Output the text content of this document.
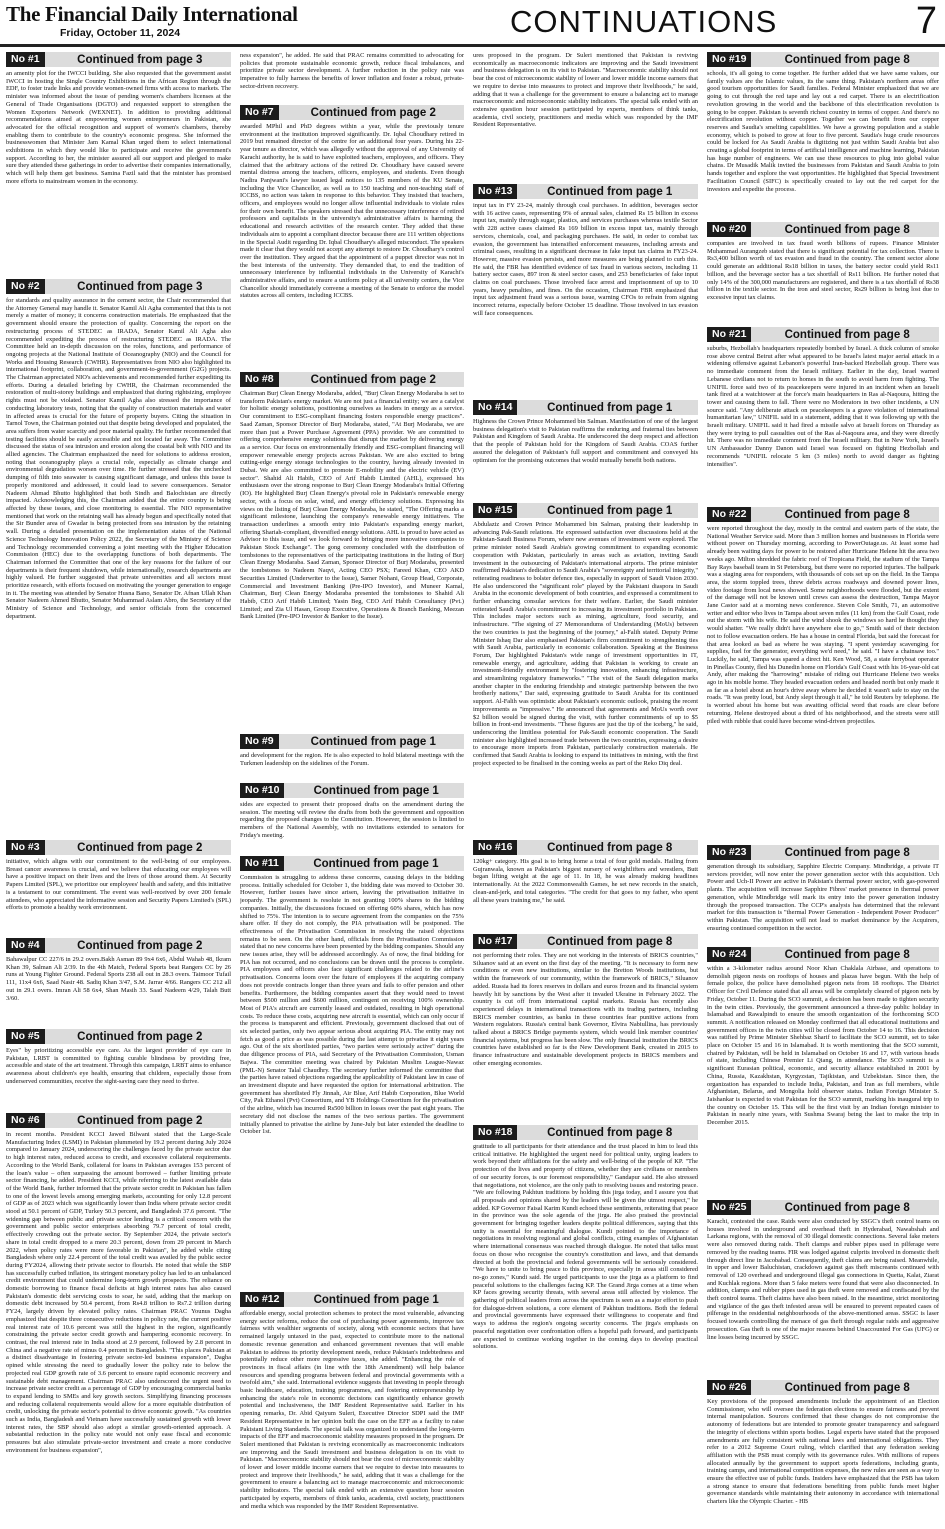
The Financial Daily International
Friday, October 11, 2024	CONTINUATIONS	7
No #1	Continued from page 3
an amenity plot for the IWCCI building. She also requested that the government assist IWCCI in hosting the Single Country Exhibitions in the African Region through the EDF, to foster trade links and provide women-owned firms with access to markets. The minister was informed about the issue of pending women's chambers licenses at the General of Trade Organisations (DGTO) and requested support to strengthen the Women Exporters Network (WEXNET). In addition to providing additional recommendations aimed at empowering women entrepreneurs in Pakistan, she advocated for the official recognition and support of women's chambers, thereby enabling them to contribute to the country's economic progress. She informed the businesswomen that Minister Jam Kamal Khan urged them to select international exhibitions in which they would like to participate and receive the government's support. According to her, the minister assured all our support and pledged to make sure they attended these gatherings in order to advertise their companies internationally, which will help them get business. Samina Fazil said that the minister has promised more efforts to mainstream women in the economy.
No #2	Continued from page 3
for standards and quality assurance in the cement sector, the Chair recommended that the Attorney General may handle it. Senator Kamil Ali Agha commented that this is not merely a matter of money; it concerns construction materials. He emphasized that the government should ensure the protection of quality. Concerning the report on the restructuring process of STEDEC as IRADA, Senator Kamil Ali Agha also recommended expediting the process of restructuring STEDEC as IRADA. The Committee held an in-depth discussion on the roles, functions, and performance of ongoing projects at the National Institute of Oceanography (NIO) and the Council for Works and Housing Research (CWHR). Representatives from NIO also highlighted its international footprint, collaboration, and government-to-government (G2G) projects. The Chairman appreciated NIO's achievements and recommended further expediting its efforts. During a detailed briefing by CWHR, the Chairman recommended the restoration of multi-storey buildings and emphasized that during rightsizing, employee rights must not be violated. Senator Kamil Agha also stressed the importance of conducting laboratory tests, noting that the quality of construction materials and water in affected areas is crucial for the future of property buyers. Citing the situation in Tarnol Town, the Chairman pointed out that despite being developed and populated, the area suffers from water scarcity and poor material quality. He further recommended that testing facilities should be easily accessible and not located far away. The Committee discussed the status of sea intrusion and erosion along the coastal belt with NIO and its allied agencies. The Chairman emphasized the need for solutions to address erosion, noting that oceanography plays a crucial role, especially as climate change and environmental degradation worsen over time. He further stressed that the unchecked dumping of filth into seawater is causing significant damage, and unless this issue is properly monitored and addressed, it could lead to severe consequences. Senator Nadeem Ahmad Bhutto highlighted that both Sindh and Balochistan are directly impacted. Acknowledging this, the Chairman added that the entire country is being affected by these issues, and close monitoring is essential. The NIO representative mentioned that work on the retaining wall has already begun and specifically noted that the Sir Bunder area of Gwadar is being protected from sea intrusion by the retaining wall. During a detailed presentation on the implementation status of the National Science Technology Innovation Policy 2022, the Secretary of the Ministry of Science and Technology recommended convening a joint meeting with the Higher Education Commission (HEC) due to the overlapping functions of both departments. The Chairman informed the Committee that one of the key reasons for the failure of our departments is their frequent shutdown, while internationally, research departments are highly valued. He further suggested that private universities and all sectors must prioritize research, with efforts focused on motivating the younger generation to engage in it. The meeting was attended by Senator Husna Bano, Senator Dr. Afnan Ullah Khan Senator Nadeem Ahmed Bhutto, Senator Muhammad Aslam Abro, the Secretary of the Ministry of Science and Technology, and senior officials from the concerned department.
No #3	Continued from page 2
initiative, which aligns with our commitment to the well-being of our employees. Breast cancer awareness is crucial, and we believe that educating our employees will have a positive impact on their lives and the lives of those around them. At Security Papers Limited (SPL), we prioritize our employees' health and safety, and this initiative is a testament to our commitment. The event was well-received by over 200 female attendees, who appreciated the informative session and Security Papers Limited's (SPL) efforts to promote a healthy work environment.
No #4	Continued from page 2
Bahawalpur CC 227/6 in 29.2 overs.Bakh Asman 89 9x4 6x6, Abdul Wahab 48, Ikram Khan 39, Salman Ali 2/39. In the 4th Match, Federal Sports beat Rangers CC by 26 runs at Young Fighter Ground. Federal Sports 238 all out in 28.3 overs. Taimoor Tufail 111, 11x4 6x6, Saad Nasir 48. Sadiq Khan 3/47, S.M. Jarrar 4/66. Rangers CC 212 all out in 29.1 overs. Imran Ali 58 6x4, Shan Masih 33. Saad Nadeem 4/29, Talah Butt 3/60.
No #5	Continued from page 2
Eyes" by prioritizing accessible eye care. As the largest provider of eye care in Pakistan, LRBT is committed to fighting curable blindness by providing free, accessible and state of the art treatment. Through this campaign, LRBT aims to enhance awareness about children's eye health, ensuring that children, especially those from underserved communities, receive the sight-saving care they need to thrive.
No #6	Continued from page 2
in recent months. President KCCI Jawed Bilwani stated that the Large-Scale Manufacturing Index (LSMI) in Pakistan plummeted by 19.2 percent during July 2024 compared to January 2024, underscoring the challenges faced by the private sector due to high interest rates, reduced access to credit, and excessive collateral requirements. According to the World Bank, collateral for loans in Pakistan averages 153 percent of the loan's value – often surpassing the amount borrowed – further limiting private sector financing, he added. President KCCI, while referring to the latest available data of the World Bank, further informed that the private sector credit in Pakistan has fallen to one of the lowest levels among emerging markets, accounting for only 12.8 percent of GDP as of 2023 which was significantly lower than India where private sector credit stood at 50.1 percent of GDP, Turkey 50.3 percent, and Bangladesh 37.6 percent. "The widening gap between public and private sector lending is a critical concern with the government and public sector enterprises absorbing 79.7 percent of total credit, effectively crowding out the private sector. By September 2024, the private sector's share in total credit dropped to a mere 20.3 percent, down from 29 percent in March 2022, when policy rates were more favorable in Pakistan", he added while citing Bangladesh where only 22.4 percent of the total credit was availed by the public sector during FY2024, allowing their private sector to flourish. He noted that while the SBP has successfully curbed inflation, its stringent monetary policy has led to an unbalanced credit environment that could undermine long-term growth prospects. The reliance on domestic borrowing to finance fiscal deficits at high interest rates has also caused Pakistan's domestic debt servicing costs to soar, he said, adding that the markup on domestic debt increased by 50.4 percent, from Rs4.8 trillion to Rs7.2 trillion during FY24, largely driven by elevated policy rates. Chairman PRAC Younus Dagha emphasized that despite three consecutive reductions in policy rate, the current positive real interest rate of 10.6 percent was still the highest in the region, significantly constraining the private sector credit growth and hampering economic recovery. In contrast, the real interest rate in India stood at 2.9 percent, followed by 2.8 percent in China and a negative rate of minus 0.4 percent in Bangladesh. "This places Pakistan at a distinct disadvantage in fostering private sector-led business expansion", Dagha opined while stressing the need to gradually lower the policy rate to below the projected real GDP growth rate of 3.6 percent to ensure rapid economic recovery and sustainable debt management. Chairman PRAC also underscored the urgent need to increase private sector credit as a percentage of GDP by encouraging commercial banks to expand lending to SMEs and key growth sectors. Simplifying financing processes and reducing collateral requirements would allow for a more equitable distribution of credit, unlocking the private sector's potential to drive economic growth. "As countries such as India, Bangladesh and Vietnam have successfully sustained growth with lower interest rates, the SBP should also adopt a similar growth-oriented approach. A substantial reduction in the policy rate would not only ease fiscal and economic pressures but also stimulate private-sector investment and create a more conducive environment for business expansion",
ness expansion", he added. He said that PRAC remains committed to advocating for policies that promote sustainable economic growth, reduce fiscal imbalances, and prioritize private sector development. A further reduction in the policy rate was imperative to fully harness the benefits of lower inflation and foster a robust, private-sector-driven recovery.
No #7	Continued from page 2
awarded MPhil and PhD degrees within a year, while the previously tenure environment at the institution improved significantly. Dr. Iqbal Choudhary retired in 2019 but remained director of the centre for an additional four years. During his 22-year tenure as director, which was allegedly without the approval of any University of Karachi authority, he is said to have exploited teachers, employees, and officers. They claimed that the arbitrary actions of the retired Dr. Choudhary have caused severe mental distress among the teachers, officers, employees, and students. Even though Nadira Panjwani's lawyer issued legal notices to 135 members of the KU Senate, including the Vice Chancellor, as well as to 150 teaching and non-teaching staff of ICCBS, no action was taken in response to this behavior. They insisted that teachers, officers, and employees would no longer allow influential individuals to violate rules for their own benefit. The speakers stressed that the unnecessary interference of retired professors and capitalists in the university's administrative affairs is harming the educational and research activities of the research center. They added that these individuals aim to appoint a compliant director because there are 111 written objections in the Special Audit regarding Dr. Iqbal Choudhary's alleged misconduct. The speakers made it clear that they would not accept any attempt to restore Dr. Choudhary's control over the institution. They argued that the appointment of a puppet director was not in the best interests of the university. They demanded that, to end the tradition of unnecessary interference by influential individuals in the University of Karachi's administrative affairs, and to ensure a uniform policy at all university centers, the Vice Chancellor should immediately convene a meeting of the Senate to enforce the model statutes across all centers, including ICCBS.
No #8	Continued from page 2
Chairman Burj Clean Energy Modaraba, added, "Burj Clean Energy Modaraba is set to transform Pakistan's energy market. We are not just a financial entity; we are a catalyst for holistic energy solutions, positioning ourselves as leaders in energy as a service. Our commitment to ESG-compliant financing fosters responsible energy practices". Saad Zaman, Sponsor Director of Burj Modaraba, stated, "At Burj Modaraba, we are more than just a Power Purchase Agreement (PPA) provider. We are committed to offering comprehensive energy solutions that disrupt the market by delivering energy as a service. Our focus on environmentally friendly and ESG-compliant financing will empower renewable energy projects across Pakistan. We are also excited to bring cutting-edge energy storage technologies to the country, having already invested in Dubai. We are also committed to promote E-mobility and the electric vehicle (EV) sector". Shahid Ali Habib, CEO of Arif Habib Limited (AHL), expressed his enthusiasm over the strong response to Burj Clean Energy Modaraba's Initial Offering (IO). He highlighted Burj Clean Energy's pivotal role in Pakistan's renewable energy sector, with a focus on solar, wind, and energy efficiency solutions. Expressing his views on the listing of Burj Clean Energy Modaraba, he stated, "The Offering marks a significant milestone, launching the company's renewable energy initiatives. The transaction underlines a smooth entry into Pakistan's expanding energy market, offering Shariah-compliant, diversified energy solutions. AHL is proud to have acted as Advisor to this issue, and we look forward to bringing more innovative companies to Pakistan Stock Exchange". The gong ceremony concluded with the distribution of tombstones to the representatives of the participating institutions in the listing of Burj Clean Energy Modaraba. Saad Zaman, Sponsor Director of Burj Modaraba, presented the tombstones to Nadeem Naqvi, Acting CEO PSX; Fareed Khan, CEO AKD Securities Limited (Underwriter to the Issue), Samer Nohani, Group Head, Corporate, Commercial and Investment Banking (Pre-IPO Investor), and Muneer Kamal, Chairman, Burj Clean Energy Modaraba presented the tombstones to Shahid Ali Habib, CEO Arif Habib Limited; Yasin Beg, CEO Arif Habib Consultancy (Pvt.) Limited; and Zia Ul Hasan, Group Executive, Operations & Branch Banking, Meezan Bank Limited (Pre-IPO Investor & Banker to the Issue).
No #9	Continued from page 1
and development for the region. He is also expected to hold bilateral meetings with the Turkmen leadership on the sidelines of the Forum.
No #10	Continued from page 1
sides are expected to present their proposed drafts on the amendment during the session. The meeting will review the drafts from both the government and opposition regarding the proposed changes to the Constitution. However, the session is limited to members of the National Assembly, with no invitations extended to senators for Friday's meeting.
No #11	Continued from page 1
Commission is struggling to address these concerns, causing delays in the bidding process. Initially scheduled for October 1, the bidding date was moved to October 30. However, further issues have since arisen, leaving the privatisation initiative in jeopardy. The government is resolute in not granting 100% shares to the bidding companies. Initially, the discussions focused on offering 60% shares, which has now shifted to 75%. The intention is to secure agreement from the companies on the 75% share offer. If they do not comply, the PIA privatisation will be postponed. The effectiveness of the Privatisation Commission in resolving the raised objections remains to be seen. On the other hand, officials from the Privatisation Commission stated that no new concerns have been presented by the bidding companies. Should any new issues arise, they will be addressed accordingly. As of now, the final bidding for PIA has not occurred, and no conclusions can be drawn until the process is complete. PIA employees and officers also face significant challenges related to the airline's privatisation. Concerns loom over the future of employees if the acquiring company does not provide contracts longer than three years and fails to offer pension and other benefits. Furthermore, the bidding companies assert that they would need to invest between $500 million and $600 million, contingent on receiving 100% ownership. Most of PIA's aircraft are currently leased and outdated, resulting in high operational costs. To reduce these costs, acquiring new aircraft is essential, which can only occur if the process is transparent and efficient. Previously, government disclosed that out of six selected parties, only two appear serious about acquiring PIA. The entity may not fetch as good a price as was possible during the last attempt to privatise it eight years ago. Out of the six shortlisted parties, "two parties were seriously active" during the due diligence process of PIA, said Secretary of the Privatisation Commission, Usman Bajwa. The committee meeting was chaired by Pakistan Muslim League-Nawaz (PML-N) Senator Talal Chaudhry. The secretary further informed the committee that the parties have raised objections regarding the applicability of Pakistani law in case of an investment dispute and have requested the option for international arbitration. The government has shortlisted Fly Jinnah, Air Blue, Arif Habib Corporation, Blue World City, Pak Ethanol (Pvt) Consortium, and YB Holdings Consortium for the privatisation of the airline, which has incurred Rs500 billion in losses over the past eight years. The secretary did not disclose the names of the two serious parties. The government initially planned to privatise the airline by June-July but later extended the deadline to October 1st.
No #12	Continued from page 1
affordable energy, social protection schemes to protect the most vulnerable, advancing energy sector reforms, reduce the cost of purchasing power agreements, improve tax fairness with wealthier segments of society, along with economic sectors that have remained largely untaxed in the past, expected to contribute more to the national domestic revenue generation and enhanced government revenues that will enable Pakistan to address its priority development needs, reduce Pakistan's indebtedness and potentially reduce other more regressive taxes, she added. "Enhancing the role of provinces in fiscal affairs (in line with the 18th Amendment) will help balance resources and spending programs between federal and provincial governments with a twofold aim," she said. International evidence suggests that investing in people through basic healthcare, education, training programmes, and fostering entrepreneurship by enhancing the state's role in economic decisions can significantly enhance growth potential and inclusiveness, the IMF Resident Representative said. Earlier in his opening remarks, Dr. Abid Qaiyum Suleri, Executive Director SDPI said the IMF Resident Representative in her opinion built the case on the EFF as a facility to raise Pakistani Living Standards. The special talk was organized to understand the long-term impacts of the EFF and macroeconomic stability measures proposed in the program. Dr Suleri mentioned that Pakistan is reviving economically as macroeconomic indicators are improving and the Saudi investment and business delegation is on its visit to Pakistan. "Macroeconomic stability should not bear the cost of microeconomic stability of lower and lower middle income earners that we require to devise into measures to protect and improve their livelihoods," he said, adding that it was a challenge for the government to ensure a balancing act to manage macroeconomic and microeconomic stability indicators. The special talk ended with an extensive question hour session participated by experts, members of think tanks, academia, civil society, practitioners and media which was responded by the IMF Resident Representative.
ures proposed in the program. Dr Suleri mentioned that Pakistan is reviving economically as macroeconomic indicators are improving and the Saudi investment and business delegation is on its visit to Pakistan. "Macroeconomic stability should not bear the cost of microeconomic stability of lower and lower middle income earners that we require to devise into measures to protect and improve their livelihoods," he said, adding that it was a challenge for the government to ensure a balancing act to manage macroeconomic and microeconomic stability indicators. The special talk ended with an extensive question hour session participated by experts, members of think tanks, academia, civil society, practitioners and media which was responded by the IMF Resident Representative.
No #13	Continued from page 1
input tax in FY 23-24, mainly through coal purchases. In addition, beverages sector with 16 active cases, representing 9% of annual sales, claimed Rs 15 billion in excess input tax, mainly through sugar, plastics, and services purchases whereas textile Sector with 228 active cases claimed Rs 169 billion in excess input tax, mainly through services, chemicals, coal, and packaging purchases. He said, in order to combat tax evasion, the government has intensified enforcement measures, including arrests and criminal cases, resulting in a significant decrease in fake input tax claims in FY23-24. However, massive evasion persists, and more measures are being planned to curb this. He said, the FBR has identified evidence of tax fraud in various sectors, including 11 battery sector cases, 897 iron & steel sector cases, and 253 beneficiaries of fake input claims on coal purchases. Those involved face arrest and imprisonment of up to 10 years, heavy penalties, and fines. On the occasion, Chairman FBR emphasized that input tax adjustment fraud was a serious issue, warning CFOs to refrain from signing incorrect returns, especially before October 15 deadline. Those involved in tax evasion will face consequences.
No #14	Continued from page 1
Highness the Crown Prince Mohammed bin Salman. Manifestation of one of the largest business delegation's visit to Pakistan reaffirms the enduring and fraternal ties between Pakistan and Kingdom of Saudi Arabia. He underscored the deep respect and affection that the people of Pakistan hold for the Kingdom of Saudi Arabia. COAS further assured the delegation of Pakistan's full support and commitment and conveyed his optimism for the promising outcomes that would mutually benefit both nations.
No #15	Continued from page 1
Abdulaziz and Crown Prince Mohammed bin Salman, praising their leadership in advancing Pak-Saudi relations. He expressed satisfaction over discussions held at the Pakistan-Saudi Business Forum, where new avenues of investment were explored. The prime minister noted Saudi Arabia's growing commitment to expanding economic cooperation with Pakistan, particularly in areas such as aviation, inviting Saudi investment in the outsourcing of Pakistan's international airports. The prime minister reaffirmed Pakistan's dedication to Saudi Arabia's "sovereignty and territorial integrity," reiterating readiness to bolster defence ties, especially in support of Saudi Vision 2030. He also underscored the "significant role" played by the Pakistani diaspora in Saudi Arabia in the economic development of both countries, and expressed a commitment to further enhancing consular services for their welfare. Earlier, the Saudi minister reiterated Saudi Arabia's commitment to increasing its investment portfolio in Pakistan. This includes major sectors such as mining, agriculture, food security, and infrastructure. "The signing of 27 Memorandums of Understanding (MoUs) between the two countries is just the beginning of the journey," al-Falih stated. Deputy Prime Minister Ishaq Dar also emphasised Pakistan's firm commitment to strengthening ties with Saudi Arabia, particularly in economic collaboration. Speaking at the Business Forum, Dar highlighted Pakistan's wide range of investment opportunities in IT, renewable energy, and agriculture, adding that Pakistan is working to create an investment-friendly environment by "fostering innovation, enhancing infrastructure, and streamlining regulatory frameworks." "The visit of the Saudi delegation marks another chapter in the enduring friendship and strategic partnership between the two brotherly nations," Dar said, expressing gratitude to Saudi Arabia for its continued support. Al-Falih was optimistic about Pakistan's economic outlook, praising the recent improvements as "impressive." He announced that agreements and MoUs worth over $2 billion would be signed during the visit, with further commitments of up to $5 billion in front-end investments. "These figures are just the tip of the iceberg," he said, underscoring the limitless potential for Pak-Saudi economic cooperation. The Saudi minister also highlighted increased trade between the two countries, expressing a desire to encourage more imports from Pakistan, particularly construction materials. He confirmed that Saudi Arabia is looking to expand its initiatives in mining, with the first project expected to be finalised in the coming weeks as part of the Reko Diq deal.
No #16	Continued from page 8
120kg+ category. His goal is to bring home a total of four gold medals. Hailing from Gujranwala, known as Pakistan's biggest nursery of weightlifters and wrestlers, Butt began lifting weight at the age of 11. In 18, he was already making headlines internationally. At the 2022 Commonwealth Games, he set new records in the snatch, clean-and-jerk, and total categories. "The credit for that goes to my father, who spent all these years training me," he said.
No #17	Continued from page 8
not performing their roles. They are not working in the interests of BRICS countries," Siluanov said at an event on the first day of the meeting. "It is necessary to form new conditions or even new institutions, similar to the Bretton Woods institutions, but within the framework of our community, within the framework of BRICS," Siluanov added. Russia had its forex reserves in dollars and euros frozen and its financial system heavily hit by sanctions by the West after it invaded Ukraine in February 2022. The country is cut off from international capital markets. Russia has recently also experienced delays in international transactions with its trading partners, including BRICS member countries, as banks in these countries fear punitive actions from Western regulators. Russia's central bank Governor, Elvira Nabiullina, has previously talked about a BRICS Bridge payments system, which would link member countries' financial systems, but progress has been slow. The only financial institution the BRICS countries have established so far is the New Development Bank, created in 2015 to finance infrastructure and sustainable development projects in BRICS members and other emerging economies.
No #18	Continued from page 8
gratitude to all participants for their attendance and the trust placed in him to lead this critical initiative. He highlighted the urgent need for political unity, urging leaders to work beyond their affiliations for the safety and well-being of the people of KP. "The protection of the lives and property of citizens, whether they are civilians or members of our security forces, is our foremost responsibility," Gandapur said. He also stressed that negotiations, not violence, are the only path to resolving issues and restoring peace. "We are following Pakhtun traditions by holding this jirga today, and I assure you that all proposals and opinions shared by the leaders will be given the utmost respect," he added. KP Governor Faisal Karim Kundi echoed these sentiments, reiterating that peace in the province was the sole agenda of the jirga. He also praised the provincial government for bringing together leaders despite political differences, saying that this unity is essential for meaningful dialogue. Kundi pointed to the importance of negotiations in resolving regional and global conflicts, citing examples of Afghanistan where international consensus was reached through dialogue. He noted that talks must focus on those who recognise the country's constitution and laws, and that demands directed at both the provincial and federal governments will be seriously considered. "We have to unite to bring peace to this province, especially in areas still considered no-go zones," Kundi said. He urged participants to use the jirga as a platform to find peaceful solutions to the challenges facing KP. The Grand Jirga comes at a time when KP faces growing security threats, with several areas still affected by violence. The gathering of political leaders from across the spectrum is seen as a major effort to push for dialogue-driven solutions, a core element of Pakhtun traditions. Both the federal and provincial governments have expressed their willingness to cooperate and find ways to address the region's ongoing security concerns. The jirga's emphasis on peaceful negotiation over confrontation offers a hopeful path forward, and participants are expected to continue working together in the coming days to develop practical solutions.
No #19	Continued from page 8
schools, it's all going to come together. He further added that we have same values, our family values are the Islamic values, its the same thing. Pakistan's northern areas offer good tourism opportunities for Saudi families. Federal Minister emphasized that we are going to cut through the red tape and lay out a red carpet. There is an electrification revolution growing in the world and the backbone of this electrification revolution is going to be copper. Pakistan is seventh richest country in terms of copper. And there's no electrification revolution without copper. Together we can benefit from our copper reserves and Saudia's smelting capabilities. We have a growing population and a stable economy, which is poised to grow at four to five percent. Saudia's huge crude resources could be locked for As Saudi Arabia is digitizing not just within Saudi Arabia but also creating a global footprint in terms of artificial intelligence and machine learning, Pakistan has huge number of engineers. We can use these resources to plug into global value chains. Dr Musadik Malik invited the businesses from Pakistan and Saudi Arabia to join hands together and explore the vast opportunities. He highlighted that Special Investment Facilitation Council (SIFC) is specifically created to lay out the red carpet for the investors and expedite the process.
No #20	Continued from page 8
companies are involved in tax fraud worth billions of rupees. Finance Minister Muhammad Aurangzeb stated that there is significant potential for tax collection. There is Rs3,400 billion worth of tax evasion and fraud in the country. The cement sector alone could generate an additional Rs18 billion in taxes, the battery sector could yield Rs11 billion, and the beverage sector has a tax shortfall of Rs11 billion. He further noted that only 14% of the 300,000 manufacturers are registered, and there is a tax shortfall of Rs38 billion in the textile sector. In the iron and steel sector, Rs29 billion is being lost due to excessive input tax claims.
No #21	Continued from page 8
suburbs, Hezbollah's headquarters repeatedly bombed by Israel. A thick column of smoke rose above central Beirut after what appeared to be Israel's latest major aerial attack in a widening offensive against Lebanon's powerful Iran-backed Hezbollah group. There was no immediate comment from the Israeli military. Earlier in the day, Israel warned Lebanese civilians not to return to homes in the south to avoid harm from fighting. The UNIFIL force said two of its peacekeepers were injured in an incident when an Israeli tank fired at a watchtower at the force's main headquarters in Ras al-Naqoura, hitting the tower and causing them to fall. There were no Moderators in two other incidents, a UN source said. "Any deliberate attack on peacekeepers is a grave violation of international humanitarian law," UNIFIL said in a statement, adding that it was following up with the Israeli military. UNIFIL said it had fired a missile salvo at Israeli forces on Thursday as they were trying to pull casualties out of the Ras al-Naqoura area, and they were directly hit. There was no immediate comment from the Israeli military. But in New York, Israel's UN Ambassador Danny Danon said Israel was focused on fighting Hezbollah and recommends "UNIFIL relocate 5 km (3 miles) north to avoid danger as fighting intensifies".
No #22	Continued from page 8
were reported throughout the day, mostly in the central and eastern parts of the state, the National Weather Service said. More than 3 million homes and businesses in Florida were without power on Thursday morning, according to PowerOutage.us. At least some had already been waiting days for power to be restored after Hurricane Helene hit the area two weeks ago. Milton shredded the fabric roof of Tropicana Field, the stadium of the Tampa Bay Rays baseball team in St Petersburg, but there were no reported injuries. The ballpark was a staging area for responders, with thousands of cots set up on the field. In the Tampa area, the storm toppled trees, threw debris across roadways and downed power lines, video footage from local news showed. Some neighborhoods were flooded, but the extent of the damage will not be known until crews can assess the destruction, Tampa Mayor Jane Castor said at a morning news conference. Steven Cole Smith, 71, an automotive writer and editor who lives in Tampa about seven miles (11 km) from the Gulf Coast, rode out the storm with his wife. He said the wind shook the windows so hard he thought they would shatter. "We really didn't have anywhere else to go," Smith said of their decision not to follow evacuation orders. He has a house in central Florida, but said the forecast for that area looked as bad as where he was staying. "I spent yesterday scavenging for supplies, fuel for the generator, everything we'd need," he said. "I have a chainsaw too." Luckily, he said, Tampa was spared a direct hit. Ken Wood, 58, a state ferryboat operator in Pinellas County, fled his Dunedin home on Florida's Gulf Coast with his 16-year-old cat Andy, after making the "harrowing" mistake of riding out Hurricane Helene two weeks ago in his mobile home. They headed evacuation orders and headed north but only made it as far as a hotel about an hour's drive away where he decided it wasn't safe to stay on the roads. "It was pretty loud, but Andy slept through it all," he told Reuters by telephone. He is worried about his home but was awaiting official word that roads are clear before returning. Helene destroyed about a third of his neighborhood, and the streets were still piled with rubble that could have become wind-driven projectiles.
No #23	Continued from page 8
generation through its subsidiary, Sapphire Electric Company. Mindbridge, a private IT services provider, will now enter the power generation sector with this acquisition. Uch Power and Uch-II Power are active in Pakistan's thermal power sector, with gas-powered plants. The acquisition will increase Sapphire Fibres' market presence in thermal power generation, while Mindbridge will mark its entry into the power generation industry through the proposed transaction. The CCP's analysis has determined that the relevant market for this transaction is "thermal Power Generation - Independent Power Producer" within Pakistan. The acquisition will not lead to market dominance by the Acquirers, ensuring continued competition in the sector.
No #24	Continued from page 8
within a 3-kilometer radius around Noor Khan Chaklala Airbase, and operations to demolish pigeon nests on rooftops of houses and plazas have begun. With the help of female police, the police have demolished pigeon nets from 18 rooftops. The District Officer for Civil Defence stated that all areas will be completely cleared of pigeon nets by Friday, October 11. During the SCO summit, a decision has been made to tighten security in the twin cities. Previously, the government announced a three-day public holiday in Islamabad and Rawalpindi to ensure the smooth organization of the forthcoming SCO summit. A notification released on Monday confirmed that all educational institutions and government offices in the twin cities will be closed from October 14 to 16. This decision was ratified by Prime Minister Shehbaz Sharif to facilitate the SCO summit, set to take place on October 15 and 16 in Islamabad. It is worth mentioning that the SCO summit, chaired by Pakistan, will be held in Islamabad on October 16 and 17, with various heads of state, including Chinese Premier Li Qiang, in attendance. The SCO summit is a significant Eurasian political, economic, and security alliance established in 2001 by China, Russia, Kazakhstan, Kyrgyzstan, Tajikistan, and Uzbekistan. Since then, the organization has expanded to include India, Pakistan, and Iran as full members, while Afghanistan, Belarus, and Mongolia hold observer status. Indian Foreign Minister S. Jaishankar is expected to visit Pakistan for the SCO summit, marking his inaugural trip to the country on October 15. This will be the first visit by an Indian foreign minister to Pakistan in nearly nine years, with Sushma Swaraj being the last to make the trip in December 2015.
No #25	Continued from page 8
Karachi, contested the case. Raids were also conducted by SSGC's theft control teams on houses involved in underground and overhead theft in Hyderabad, Nawabshah and Larkana regions, with the removal of 30 illegal domestic connections. Several fake meters were also removed during raids. Theft clamps and rubber pipes used in pilferage were removed by the reading teams. FIR was lodged against culprits involved in domestic theft through direct line in Jacobabad. Consequently, theft claims are being raised. Meanwhile, in upper and lower Baluchistan, crackdown against gas theft miscreants continued with removal of 120 overhead and underground illegal gas connections in Quetta, Kalat, Ziarat and Kuchlak regions. More than 5 fake meters were found that were also disconnected. In addition, clamps and rubber pipes used in gas theft were removed and confiscated by the theft control teams. Theft claims have also been raised. In the meantime, strict monitoring and vigilance of the gas theft infested areas will be ensured to prevent repeated cases of pilferage in the residential neighbourhoods of the above-mentioned areas. SSGC is laser focused towards controlling the menace of gas theft through regular raids and aggressive prosecution. Gas theft is one of the major reasons behind Unaccounted For Gas (UFG) or line losses being incurred by SSGC.
No #26	Continued from page 8
Key provisions of the proposed amendments include the appointment of an Election Commissioner, who will oversee the federation elections to ensure fairness and prevent internal manipulation. Sources confirmed that these changes do not compromise the autonomy of federations but are intended to promote greater transparency and safeguard the integrity of elections within sports bodies. Legal experts have stated that the proposed amendments are fully consistent with national laws and international obligations. They refer to a 2012 Supreme Court ruling, which clarified that any federation seeking affiliation with the PSB must comply with its governance rules. With millions of rupees allocated annually by the government to support sports federations, including grants, training camps, and international competition expenses, the new rules are seen as a way to ensure the effective use of public funds. Insiders have emphasized that the PSB has taken a strong stance to ensure that federations benefiting from public funds meet higher governance standards while maintaining their autonomy in accordance with international charters like the Olympic Charter. - HB
